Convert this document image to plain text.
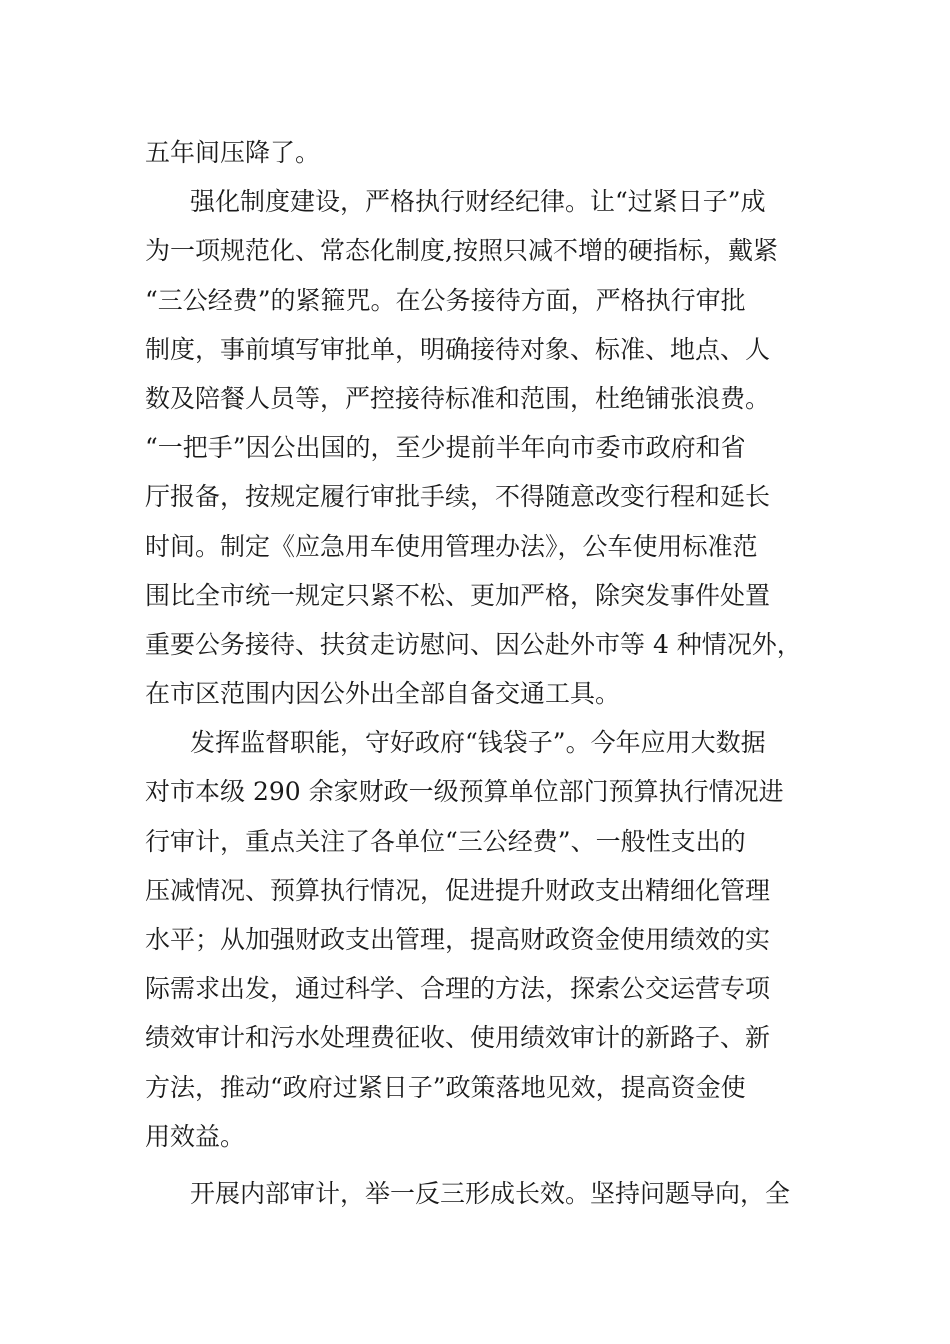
五年间压降了。
强化制度建设，严格执行财经纪律。让“过紧日子”成
为一项规范化、常态化制度,按照只减不增的硬指标，戴紧
“三公经费”的紧箍咒。在公务接待方面，严格执行审批
制度，事前填写审批单，明确接待对象、标准、地点、人
数及陪餐人员等，严控接待标准和范围，杜绝铺张浪费。
“一把手”因公出国的，至少提前半年向市委市政府和省
厅报备，按规定履行审批手续，不得随意改变行程和延长
时间。制定《应急用车使用管理办法》，公车使用标准范
围比全市统一规定只紧不松、更加严格，除突发事件处置
重要公务接待、扶贫走访慰问、因公赴外市等 4 种情况外，
在市区范围内因公外出全部自备交通工具。
发挥监督职能，守好政府“钱袋子”。今年应用大数据
对市本级 290 余家财政一级预算单位部门预算执行情况进
行审计，重点关注了各单位“三公经费”、一般性支出的
压减情况、预算执行情况，促进提升财政支出精细化管理
水平；从加强财政支出管理，提高财政资金使用绩效的实
际需求出发，通过科学、合理的方法，探索公交运营专项
绩效审计和污水处理费征收、使用绩效审计的新路子、新
方法，推动“政府过紧日子”政策落地见效，提高资金使
用效益。
开展内部审计，举一反三形成长效。坚持问题导向，全
